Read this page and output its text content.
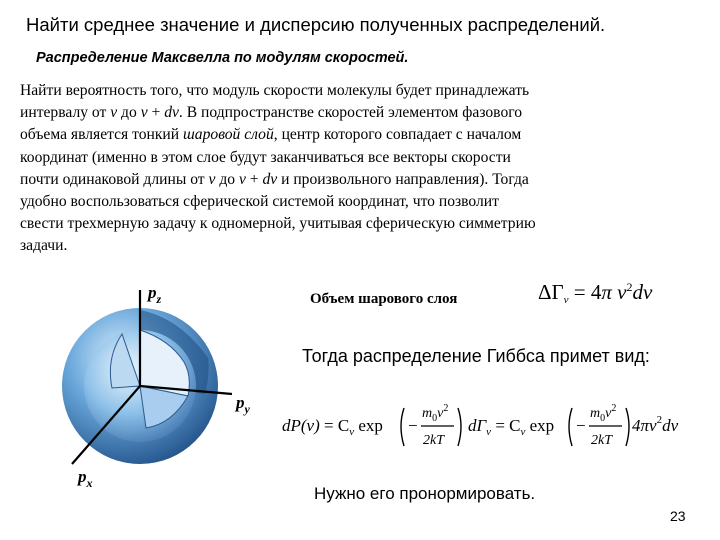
Найти среднее значение и дисперсию полученных распределений.
Распределение Максвелла по модулям скоростей.
Найти вероятность того, что модуль скорости молекулы будет принадлежать
интервалу от v до v + dv. В подпространстве скоростей элементом фазового
объема является тонкий шаровой слой, центр которого совпадает с началом
координат (именно в этом слое будут заканчиваться все векторы скорости
почти одинаковой длины от v до v + dv и произвольного направления). Тогда
удобно воспользоваться сферической системой координат, что позволит
свести трехмерную задачу к одномерной, учитывая сферическую симметрию
задачи.
$p_z$
$p_y$
$p_x$
Объем шарового слоя	$\Delta\Gamma_v = 4\pi$ $v^2dv$
Тогда распределение Гиббса примет вид:
$dP(v) = C_v$ exp −
$m_0v^2$
2kT
$d\Gamma_v = C_v$ exp −
$m_0v^2$
2kT
$4\pi v^2dv$
Нужно его пронормировать.
23
